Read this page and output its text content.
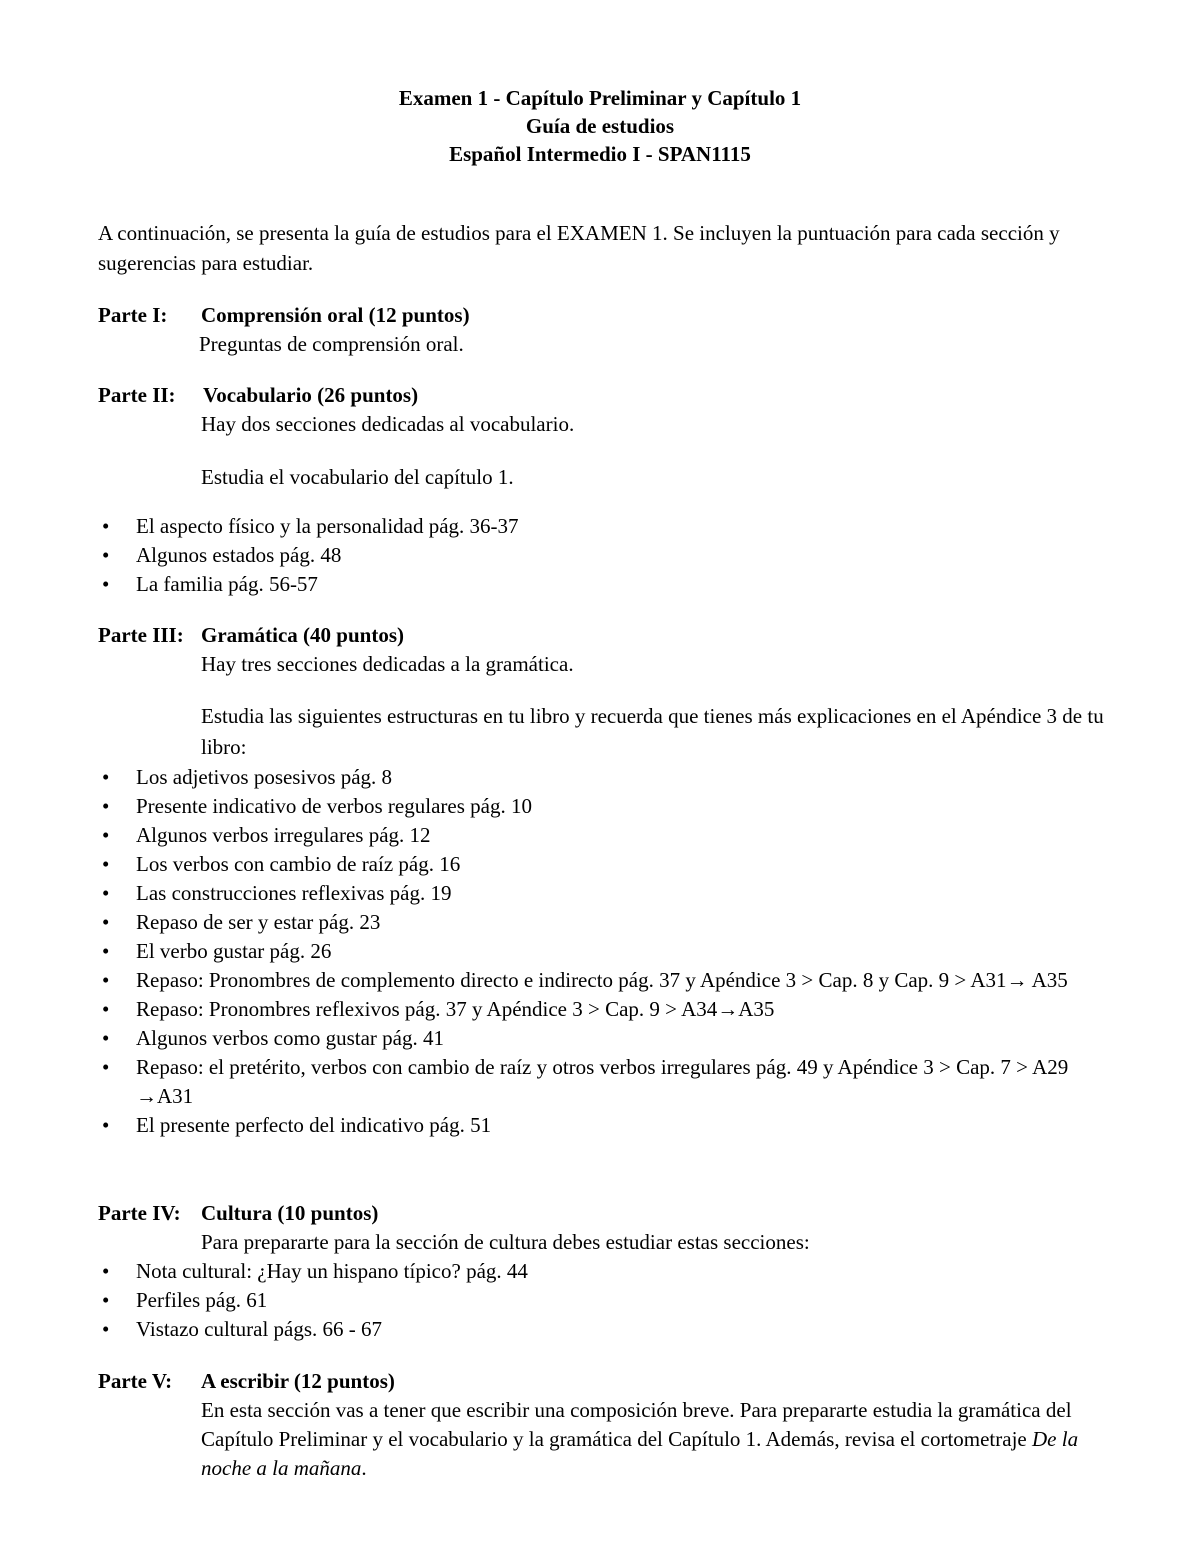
Examen 1 - Capítulo Preliminar y Capítulo 1
Guía de estudios
Español Intermedio I - SPAN1115
A continuación, se presenta la guía de estudios para el EXAMEN 1. Se incluyen la puntuación para cada sección y sugerencias para estudiar.
Parte I: Comprensión oral (12 puntos)
Preguntas de comprensión oral.
Parte II: Vocabulario (26 puntos)
Hay dos secciones dedicadas al vocabulario.
Estudia el vocabulario del capítulo 1.
• El aspecto físico y la personalidad pág. 36-37
• Algunos estados pág. 48
• La familia pág. 56-57
Parte III: Gramática (40 puntos)
Hay tres secciones dedicadas a la gramática.
Estudia las siguientes estructuras en tu libro y recuerda que tienes más explicaciones en el Apéndice 3 de tu libro:
• Los adjetivos posesivos pág. 8
• Presente indicativo de verbos regulares pág. 10
• Algunos verbos irregulares pág. 12
• Los verbos con cambio de raíz pág. 16
• Las construcciones reflexivas pág. 19
• Repaso de ser y estar pág. 23
• El verbo gustar pág. 26
• Repaso: Pronombres de complemento directo e indirecto pág. 37 y Apéndice 3 > Cap. 8 y Cap. 9 > A31→ A35
• Repaso: Pronombres reflexivos pág. 37 y Apéndice 3 > Cap. 9 > A34→A35
• Algunos verbos como gustar pág. 41
• Repaso: el pretérito, verbos con cambio de raíz y otros verbos irregulares pág. 49 y Apéndice 3 > Cap. 7 > A29 →A31
• El presente perfecto del indicativo pág. 51
Parte IV: Cultura (10 puntos)
Para prepararte para la sección de cultura debes estudiar estas secciones:
• Nota cultural: ¿Hay un hispano típico? pág. 44
• Perfiles pág. 61
• Vistazo cultural págs. 66 - 67
Parte V: A escribir (12 puntos)
En esta sección vas a tener que escribir una composición breve. Para prepararte estudia la gramática del Capítulo Preliminar y el vocabulario y la gramática del Capítulo 1. Además, revisa el cortometraje De la noche a la mañana.
